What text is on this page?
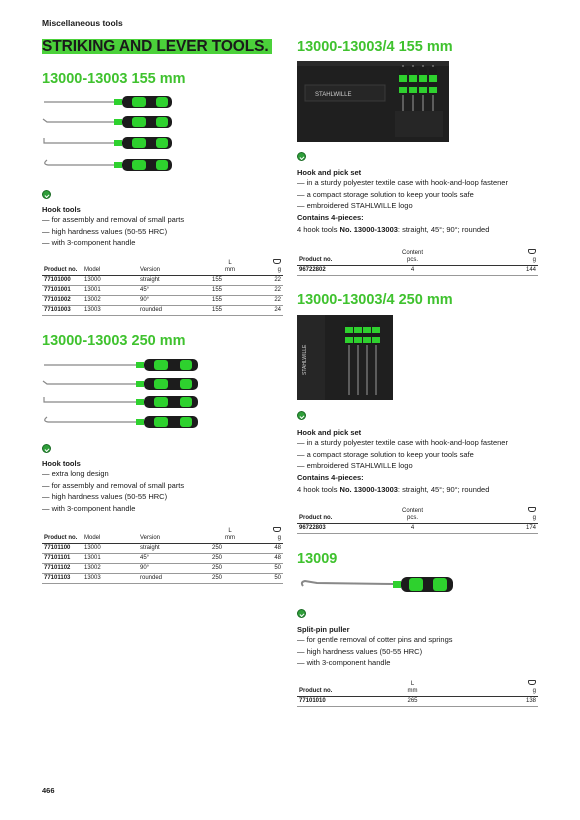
Miscellaneous tools
STRIKING AND LEVER TOOLS.
13000-13003 155 mm
Hook tools
— for assembly and removal of small parts
— high hardness values (50-55 HRC)
— with 3-component handle
Product no.	Model	Version	L
mm	g

77101000	13000	straight	155	22
77101001	13001	45°	155	22
77101002	13002	90°	155	22
77101003	13003	rounded	155	24
13000-13003 250 mm
Hook tools
— extra long design
— for assembly and removal of small parts
— high hardness values (50-55 HRC)
— with 3-component handle
Product no.	Model	Version	L
mm	g

77101100	13000	straight	250	48
77101101	13001	45°	250	48
77101102	13002	90°	250	50
77101103	13003	rounded	250	50
13000-13003/4 155 mm
STAHLWILLE
Hook and pick set
— in a sturdy polyester textile case with hook-and-loop fastener
— a compact storage solution to keep your tools safe
— embroidered STAHLWILLE logo
Contains 4-pieces:
4 hook tools No. 13000-13003: straight, 45°; 90°; rounded
Product no.	Content
pcs.	g

96722802	4	144
13000-13003/4 250 mm
STAHLWILLE
Hook and pick set
— in a sturdy polyester textile case with hook-and-loop fastener
— a compact storage solution to keep your tools safe
— embroidered STAHLWILLE logo
Contains 4-pieces:
4 hook tools No. 13000-13003: straight, 45°; 90°; rounded
Product no.	Content
pcs.	g

96722803	4	174
13009
Split-pin puller
— for gentle removal of cotter pins and springs
— high hardness values (50-55 HRC)
— with 3-component handle
Product no.	L
mm	g

77101010	265	138
466
